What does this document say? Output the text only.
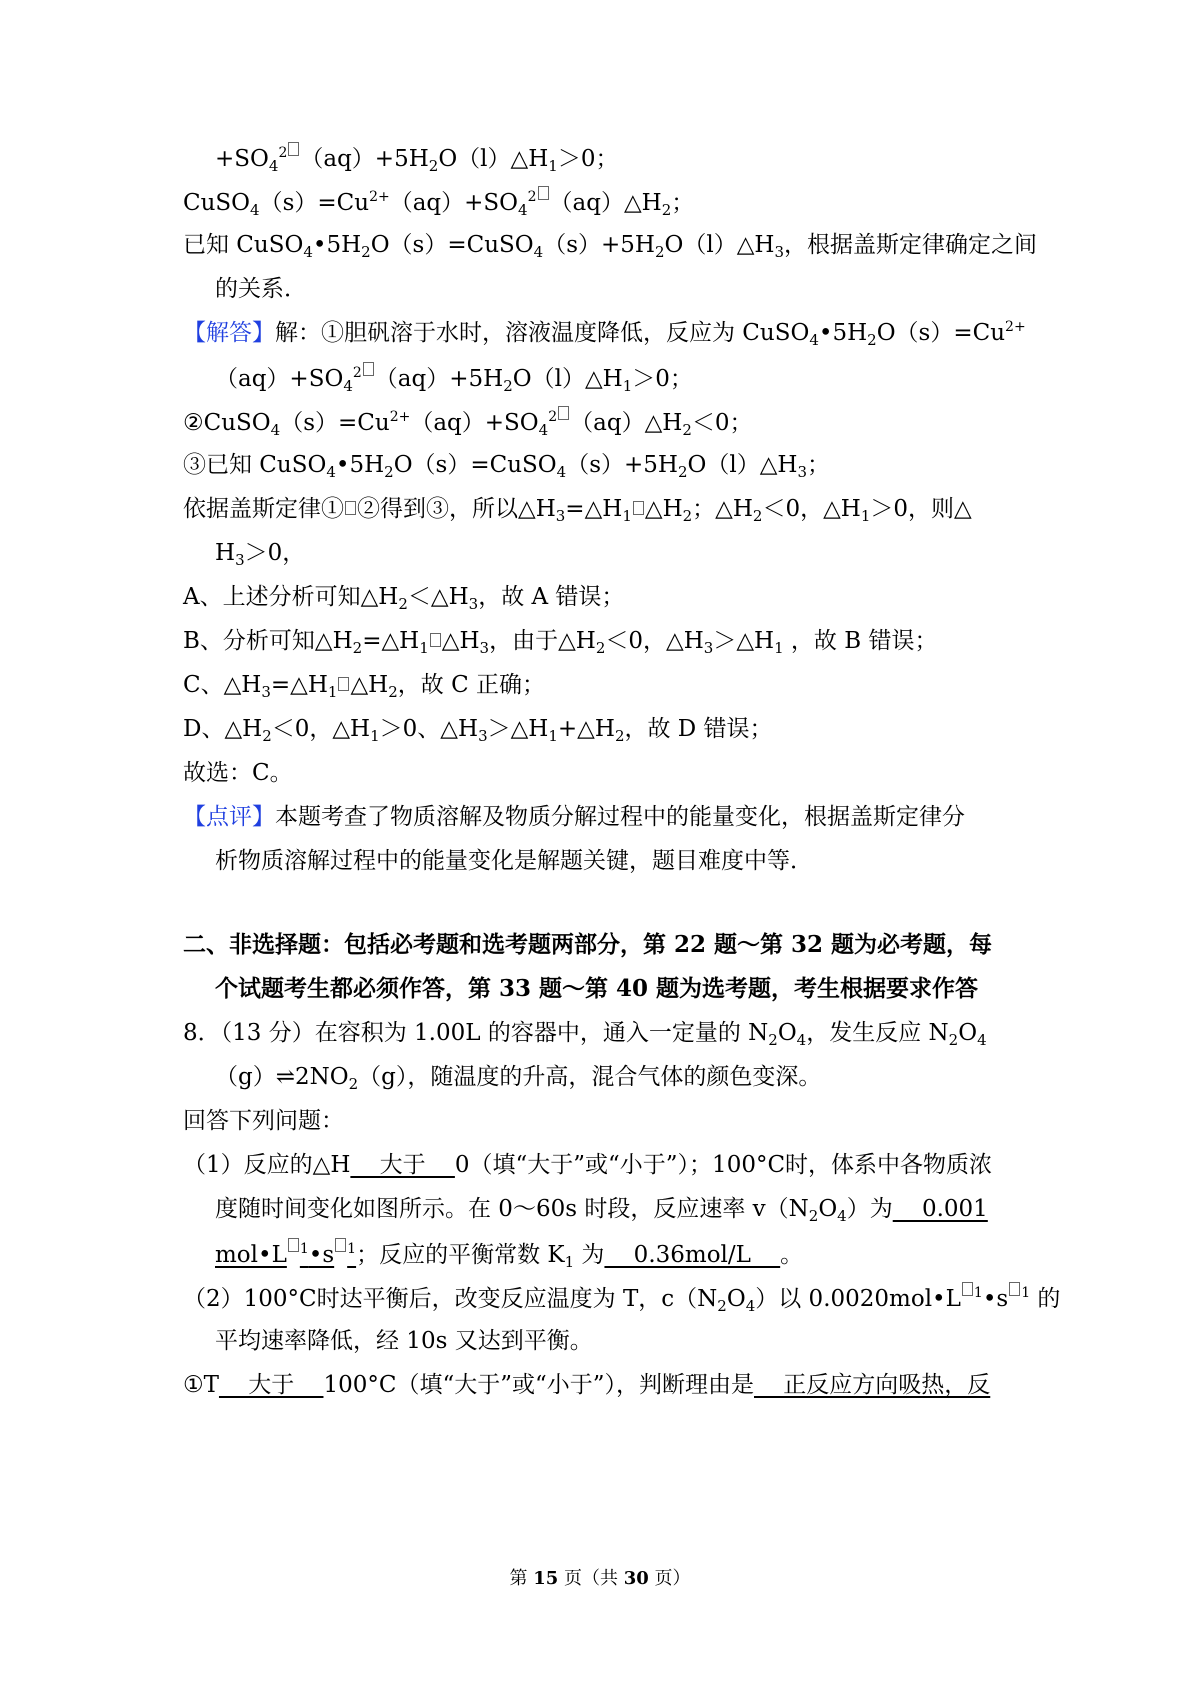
$+SO_4^2$ $(aq)+5H_2O(l)\triangle H_1>0$；
$CuSO_4(s)=Cu^{2+}(aq)+SO_4^2$ $(aq)\triangle H_2$；
已知 $CuSO_4•5H_2O(s)=CuSO_4(s)+5H_2O(l)\triangle H_3$，根据盖斯定律确定之间
的关系．
【解答】解：①胆矾溶于水时，溶液温度降低，反应为 $CuSO_4•5H_2O(s)=Cu^{2+}$
$(aq)+SO_4^2$ $(aq)+5H_2O(l)\triangle H_1>0$；
$②CuSO_4(s)=Cu^{2+}(aq)+SO_4^2$ $(aq)\triangle H_2<0$；
③已知 $CuSO_4•5H_2O(s)=CuSO_4(s)+5H_2O(l)\triangle H_3$；
依据盖斯定律① ②得到③，所以$\triangle H_3=\triangle H_1$ $\triangle H_2$；$\triangle H_2<0$，$\triangle H_1>0$，则△
$H_3>0$，
A、上述分析可知$\triangle H_2<\triangle H_3$，故 A 错误；
B、分析可知$\triangle H_2=\triangle H_1$ $\triangle H_3$，由于$\triangle H_2<0$，$\triangle H_3>\triangle H_1$ ，故 B 错误；
C、$\triangle H_3=\triangle H_1$ $\triangle H_2$，故 C 正确；
D、$\triangle H_2<0$，$\triangle H_1>0$、$\triangle H_3>\triangle H_1+\triangle H_2$，故 D 错误；
故选：C。
【点评】本题考查了物质溶解及物质分解过程中的能量变化，根据盖斯定律分
析物质溶解过程中的能量变化是解题关键，题目难度中等．
二、非选择题：包括必考题和选考题两部分，第 22 题～第 32 题为必考题，每
个试题考生都必须作答，第 33 题～第 40 题为选考题，考生根据要求作答
8．（13 分）在容积为 1.00L 的容器中，通入一定量的 $N_2O_4$，发生反应 $N_2O_4$
$(g)\rightleftharpoons 2NO_2(g)$，随温度的升高，混合气体的颜色变深。
回答下列问题：
（1）反应的△H    大于    0（填“大于”或“小于”）；100°C时，体系中各物质浓
度随时间变化如图所示。在 0～60s 时段，反应速率 $v(N_2O_4)$为    0.001
mol•L $^1$•s $^1$；反应的平衡常数 $K_1$ 为    0.36mol/L    。
（2）100°C时达平衡后，改变反应温度为 T，$c(N_2O_4)$以 0.0020mol•L $^1$•s $^1$ 的
平均速率降低，经 10s 又达到平衡。
①T    大于    100°C（填“大于”或“小于”），判断理由是    正反应方向吸热，反
第 15 页（共 30 页）
